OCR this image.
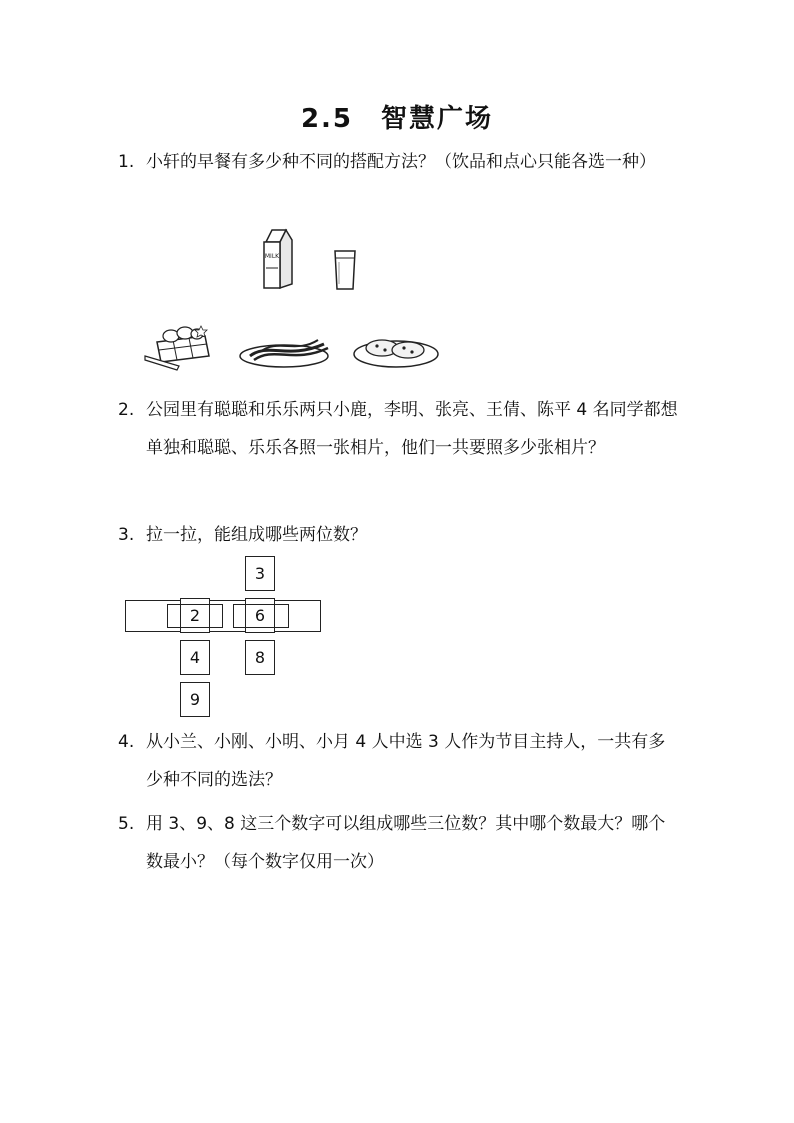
2.5 智慧广场
1. 小轩的早餐有多少种不同的搭配方法？（饮品和点心只能各选一种）
MILK
2. 公园里有聪聪和乐乐两只小鹿，李明、张亮、王倩、陈平 4 名同学都想单独和聪聪、乐乐各照一张相片，他们一共要照多少张相片？
3. 拉一拉，能组成哪些两位数？
2
4
9
3
6
8
4. 从小兰、小刚、小明、小月 4 人中选 3 人作为节目主持人，一共有多少种不同的选法？
5. 用 3、9、8 这三个数字可以组成哪些三位数？其中哪个数最大？哪个数最小？（每个数字仅用一次）
